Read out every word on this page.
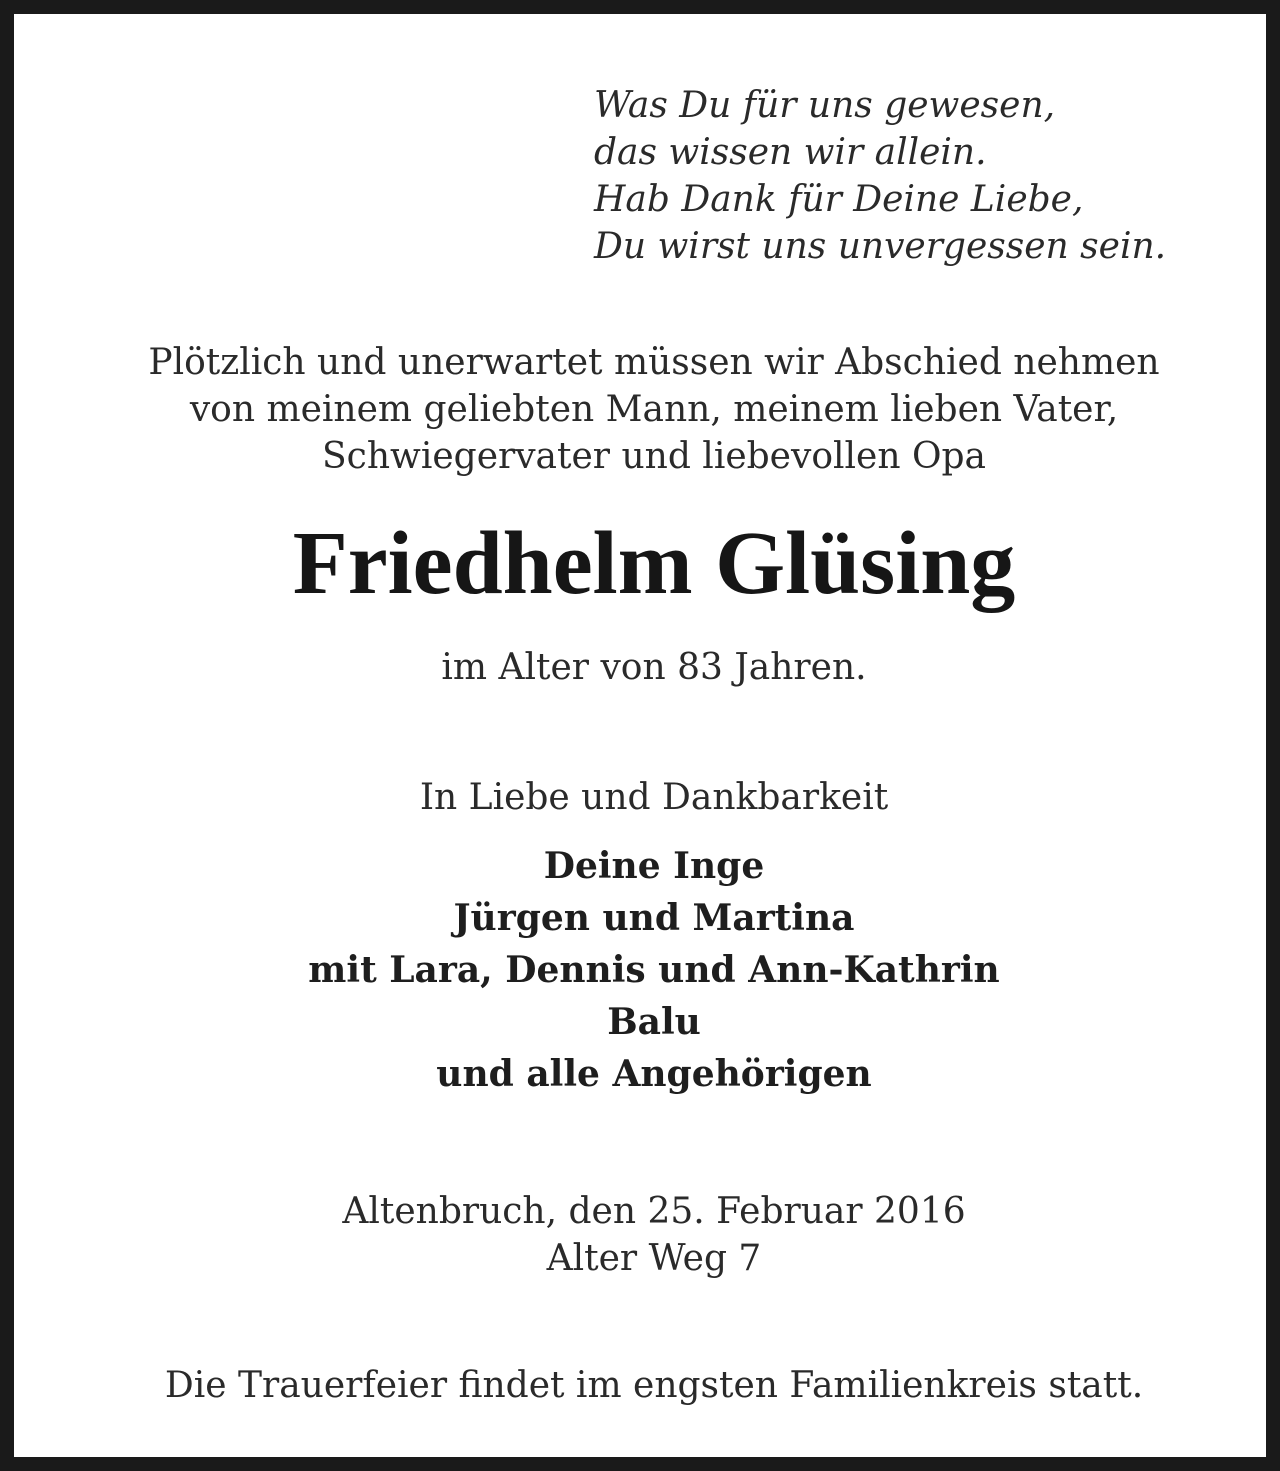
Was Du für uns gewesen,
das wissen wir allein.
Hab Dank für Deine Liebe,
Du wirst uns unvergessen sein.
Plötzlich und unerwartet müssen wir Abschied nehmen
von meinem geliebten Mann, meinem lieben Vater,
Schwiegervater und liebevollen Opa
Friedhelm Glüsing
im Alter von 83 Jahren.
In Liebe und Dankbarkeit
Deine Inge
Jürgen und Martina
mit Lara, Dennis und Ann-Kathrin
Balu
und alle Angehörigen
Altenbruch, den 25. Februar 2016
Alter Weg 7
Die Trauerfeier findet im engsten Familienkreis statt.
